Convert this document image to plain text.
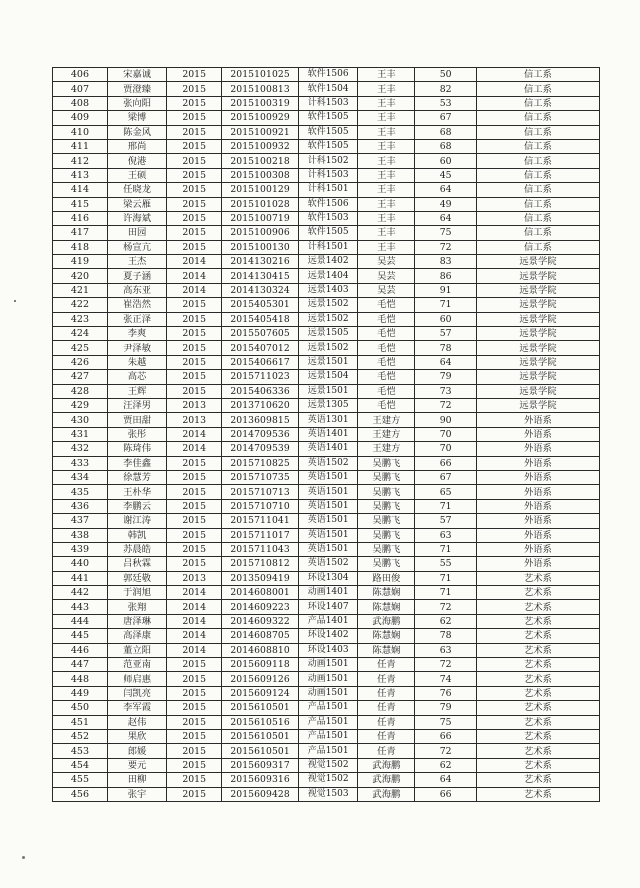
406	宋嘉诚	2015	2015101025	软件1506	王丰	50	信工系
407	贾澄臻	2015	2015100813	软件1504	王丰	82	信工系
408	张向阳	2015	2015100319	计科1503	王丰	53	信工系
409	梁博	2015	2015100929	软件1505	王丰	67	信工系
410	陈金风	2015	2015100921	软件1505	王丰	68	信工系
411	邢尚	2015	2015100932	软件1505	王丰	68	信工系
412	倪港	2015	2015100218	计科1502	王丰	60	信工系
413	王硕	2015	2015100308	计科1503	王丰	45	信工系
414	任晓龙	2015	2015100129	计科1501	王丰	64	信工系
415	梁云雁	2015	2015101028	软件1506	王丰	49	信工系
416	许海斌	2015	2015100719	软件1503	王丰	64	信工系
417	田园	2015	2015100906	软件1505	王丰	75	信工系
418	杨宣亢	2015	2015100130	计科1501	王丰	72	信工系
419	王杰	2014	2014130216	远景1402	吴芸	83	远景学院
420	夏子涵	2014	2014130415	远景1404	吴芸	86	远景学院
421	高东亚	2014	2014130324	远景1403	吴芸	91	远景学院
422	崔浩然	2015	2015405301	远景1502	毛恺	71	远景学院
423	张正泽	2015	2015405418	远景1502	毛恺	60	远景学院
424	李爽	2015	2015507605	远景1505	毛恺	57	远景学院
425	尹泽敏	2015	2015407012	远景1502	毛恺	78	远景学院
426	朱越	2015	2015406617	远景1501	毛恺	64	远景学院
427	高芯	2015	2015711023	远景1504	毛恺	79	远景学院
428	王辉	2015	2015406336	远景1501	毛恺	73	远景学院
429	汪泽男	2013	2013710620	远景1305	毛恺	72	远景学院
430	贾田甜	2013	2013609815	英语1301	王建方	90	外语系
431	张彤	2014	2014709536	英语1401	王建方	70	外语系
432	陈琦伟	2014	2014709539	英语1401	王建方	70	外语系
433	李佳鑫	2015	2015710825	英语1502	吴鹏飞	66	外语系
434	徐慧芳	2015	2015710735	英语1501	吴鹏飞	67	外语系
435	王朴华	2015	2015710713	英语1501	吴鹏飞	65	外语系
436	李鹏云	2015	2015710710	英语1501	吴鹏飞	71	外语系
437	谢江涛	2015	2015711041	英语1501	吴鹏飞	57	外语系
438	韩凯	2015	2015711017	英语1501	吴鹏飞	63	外语系
439	苏晨皓	2015	2015711043	英语1501	吴鹏飞	71	外语系
440	吕秋霖	2015	2015710812	英语1502	吴鹏飞	55	外语系
441	郭廷敬	2013	2013509419	环设1304	路田俊	71	艺术系
442	于润旭	2014	2014608001	动画1401	陈慧娴	71	艺术系
443	张翔	2014	2014609223	环设1407	陈慧娴	72	艺术系
444	唐泽琳	2014	2014609322	产品1401	武海鹏	62	艺术系
445	高泽康	2014	2014608705	环设1402	陈慧娴	78	艺术系
446	董立阳	2014	2014608810	环设1403	陈慧娴	63	艺术系
447	范亚南	2015	2015609118	动画1501	任青	72	艺术系
448	师启惠	2015	2015609126	动画1501	任青	74	艺术系
449	闫凯亮	2015	2015609124	动画1501	任青	76	艺术系
450	李军霞	2015	2015610501	产品1501	任青	79	艺术系
451	赵伟	2015	2015610516	产品1501	任青	75	艺术系
452	果欣	2015	2015610501	产品1501	任青	66	艺术系
453	郎媛	2015	2015610501	产品1501	任青	72	艺术系
454	要元	2015	2015609317	视觉1502	武海鹏	62	艺术系
455	田柳	2015	2015609316	视觉1502	武海鹏	64	艺术系
456	张宇	2015	2015609428	视觉1503	武海鹏	66	艺术系
